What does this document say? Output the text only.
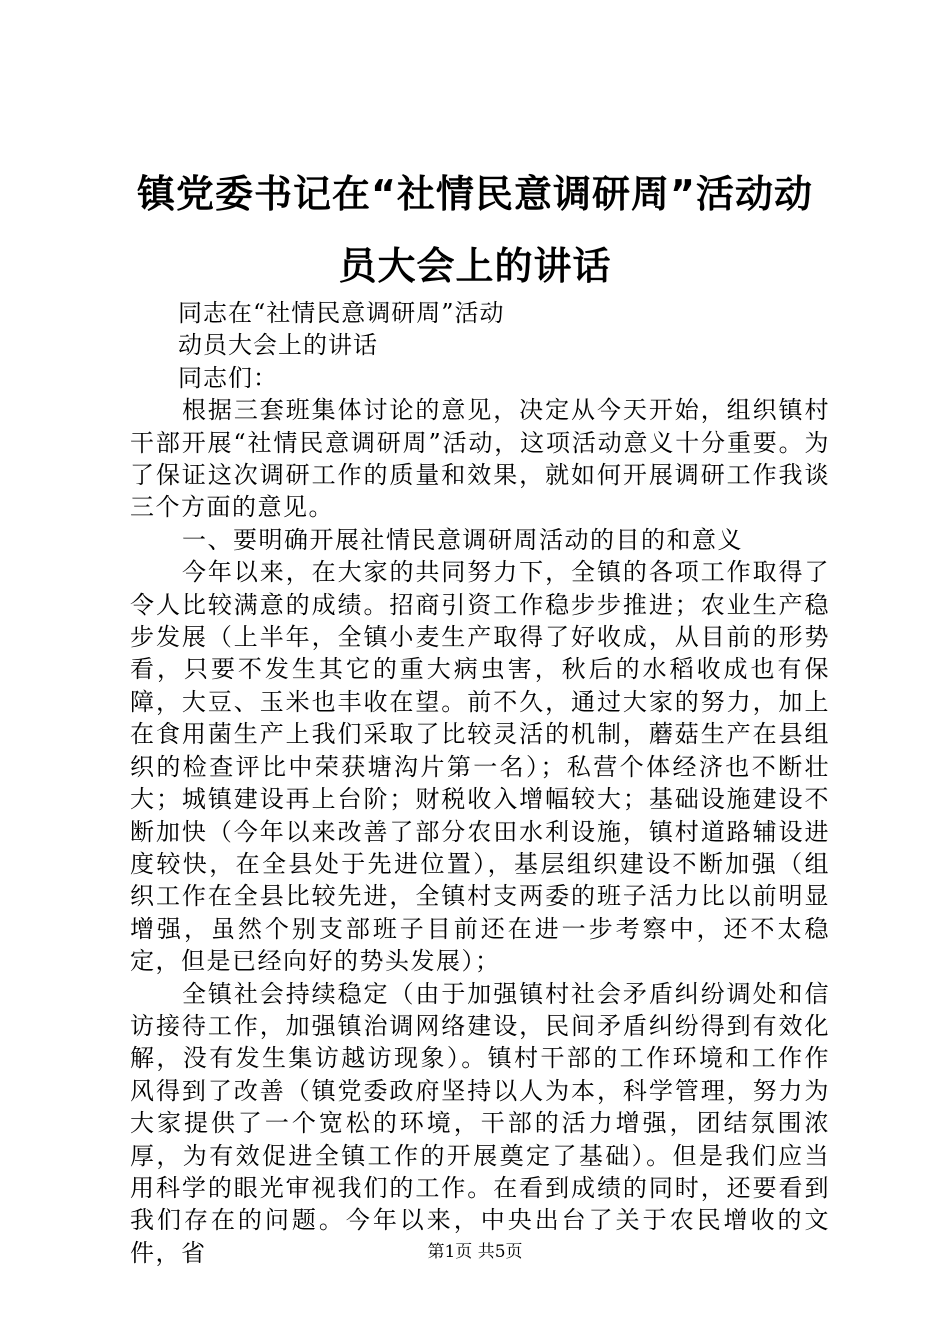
镇党委书记在“社情民意调研周”活动动员大会上的讲话

同志在“社情民意调研周”活动

动员大会上的讲话

同志们：

根据三套班集体讨论的意见，决定从今天开始，组织镇村干部开展“社情民意调研周”活动，这项活动意义十分重要。为了保证这次调研工作的质量和效果，就如何开展调研工作我谈三个方面的意见。

一、要明确开展社情民意调研周活动的目的和意义

今年以来，在大家的共同努力下，全镇的各项工作取得了令人比较满意的成绩。招商引资工作稳步步推进；农业生产稳步发展（上半年，全镇小麦生产取得了好收成，从目前的形势看，只要不发生其它的重大病虫害，秋后的水稻收成也有保障，大豆、玉米也丰收在望。前不久，通过大家的努力，加上在食用菌生产上我们采取了比较灵活的机制，蘑菇生产在县组织的检查评比中荣获塘沟片第一名）；私营个体经济也不断壮大；城镇建设再上台阶；财税收入增幅较大；基础设施建设不断加快（今年以来改善了部分农田水利设施，镇村道路辅设进度较快，在全县处于先进位置），基层组织建设不断加强（组织工作在全县比较先进，全镇村支两委的班子活力比以前明显增强，虽然个别支部班子目前还在进一步考察中，还不太稳定，但是已经向好的势头发展）；

全镇社会持续稳定（由于加强镇村社会矛盾纠纷调处和信访接待工作，加强镇治调网络建设，民间矛盾纠纷得到有效化解，没有发生集访越访现象）。镇村干部的工作环境和工作作风得到了改善（镇党委政府坚持以人为本，科学管理，努力为大家提供了一个宽松的环境，干部的活力增强，团结氛围浓厚，为有效促进全镇工作的开展奠定了基础）。但是我们应当用科学的眼光审视我们的工作。在看到成绩的同时，还要看到我们存在的问题。今年以来，中央出台了关于农民增收的文件，省	第1页 共5页
